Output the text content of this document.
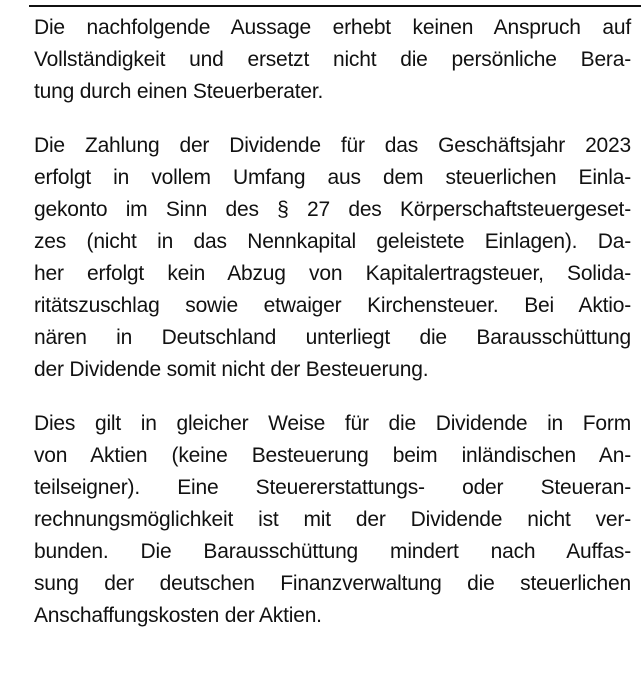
Die nachfolgende Aussage erhebt keinen Anspruch auf
Vollständigkeit und ersetzt nicht die persönliche Bera-
tung durch einen Steuerberater.

Die Zahlung der Dividende für das Geschäftsjahr 2023
erfolgt in vollem Umfang aus dem steuerlichen Einla-
gekonto im Sinn des § 27 des Körperschaftsteuergeset-
zes (nicht in das Nennkapital geleistete Einlagen). Da-
her erfolgt kein Abzug von Kapitalertragsteuer, Solida-
ritätszuschlag sowie etwaiger Kirchensteuer. Bei Aktio-
nären in Deutschland unterliegt die Barausschüttung
der Dividende somit nicht der Besteuerung.

Dies gilt in gleicher Weise für die Dividende in Form
von Aktien (keine Besteuerung beim inländischen An-
teilseigner). Eine Steuererstattungs- oder Steueran-
rechnungsmöglichkeit ist mit der Dividende nicht ver-
bunden. Die Barausschüttung mindert nach Auffas-
sung der deutschen Finanzverwaltung die steuerlichen
Anschaffungskosten der Aktien.
